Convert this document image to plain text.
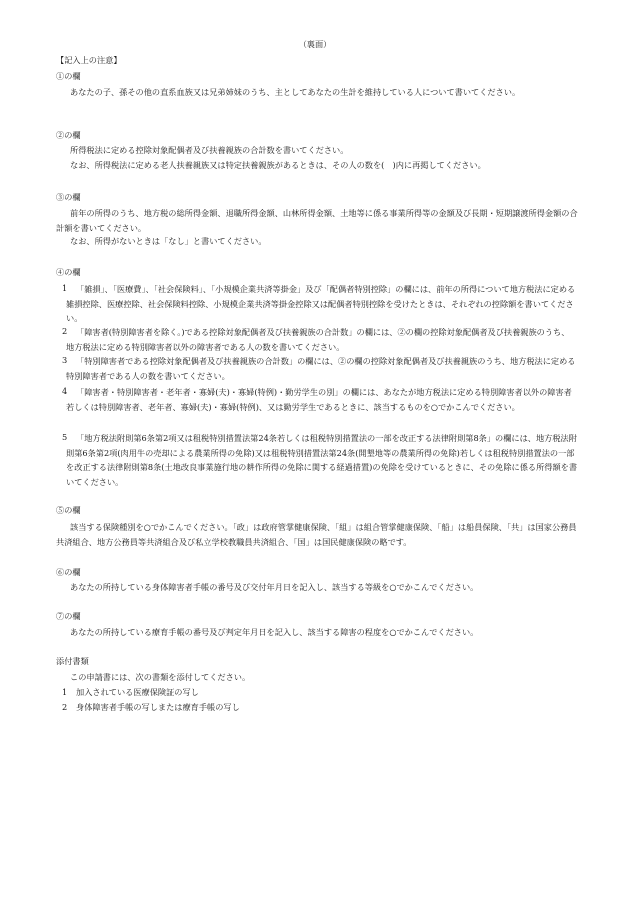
（裏面）
【記入上の注意】
①の欄
あなたの子、孫その他の直系血族又は兄弟姉妹のうち、主としてあなたの生計を維持している人について書いてください。
②の欄
所得税法に定める控除対象配偶者及び扶養親族の合計数を書いてください。
なお、所得税法に定める老人扶養親族又は特定扶養親族があるときは、その人の数を(　)内に再掲してください。
③の欄
前年の所得のうち、地方税の総所得金額、退職所得金額、山林所得金額、土地等に係る事業所得等の金額及び長期・短期譲渡所得金額の合計額を書いてください。
なお、所得がないときは「なし」と書いてください。
④の欄
1	「雑損」、「医療費」、「社会保険料」、「小規模企業共済等掛金」及び「配偶者特別控除」の欄には、前年の所得について地方税法に定める雑損控除、医療控除、社会保険料控除、小規模企業共済等掛金控除又は配偶者特別控除を受けたときは、それぞれの控除額を書いてください。
2	「障害者(特別障害者を除く。)である控除対象配偶者及び扶養親族の合計数」の欄には、②の欄の控除対象配偶者及び扶養親族のうち、地方税法に定める特別障害者以外の障害者である人の数を書いてください。
3	「特別障害者である控除対象配偶者及び扶養親族の合計数」の欄には、②の欄の控除対象配偶者及び扶養親族のうち、地方税法に定める特別障害者である人の数を書いてください。
4	「障害者・特別障害者・老年者・寡婦(夫)・寡婦(特例)・勤労学生の別」の欄には、あなたが地方税法に定める特別障害者以外の障害者若しくは特別障害者、老年者、寡婦(夫)・寡婦(特例)、又は勤労学生であるときに、該当するものを○でかこんでください。
5	「地方税法附則第6条第2項又は租税特別措置法第24条若しくは租税特別措置法の一部を改正する法律附則第8条」の欄には、地方税法附則第6条第2項(肉用牛の売却による農業所得の免除)又は租税特別措置法第24条(開墾地等の農業所得の免除)若しくは租税特別措置法の一部を改正する法律附則第8条(土地改良事業施行地の耕作所得の免除に関する経過措置)の免除を受けているときに、その免除に係る所得額を書いてください。
⑤の欄
該当する保険種別を○でかこんでください。「政」は政府管掌健康保険、「組」は組合管掌健康保険、「船」は船員保険、「共」は国家公務員共済組合、地方公務員等共済組合及び私立学校教職員共済組合、「国」は国民健康保険の略です。
⑥の欄
あなたの所持している身体障害者手帳の番号及び交付年月日を記入し、該当する等級を○でかこんでください。
⑦の欄
あなたの所持している療育手帳の番号及び判定年月日を記入し、該当する障害の程度を○でかこんでください。
添付書類
この申請書には、次の書類を添付してください。
1 加入されている医療保険証の写し
2 身体障害者手帳の写しまたは療育手帳の写し
